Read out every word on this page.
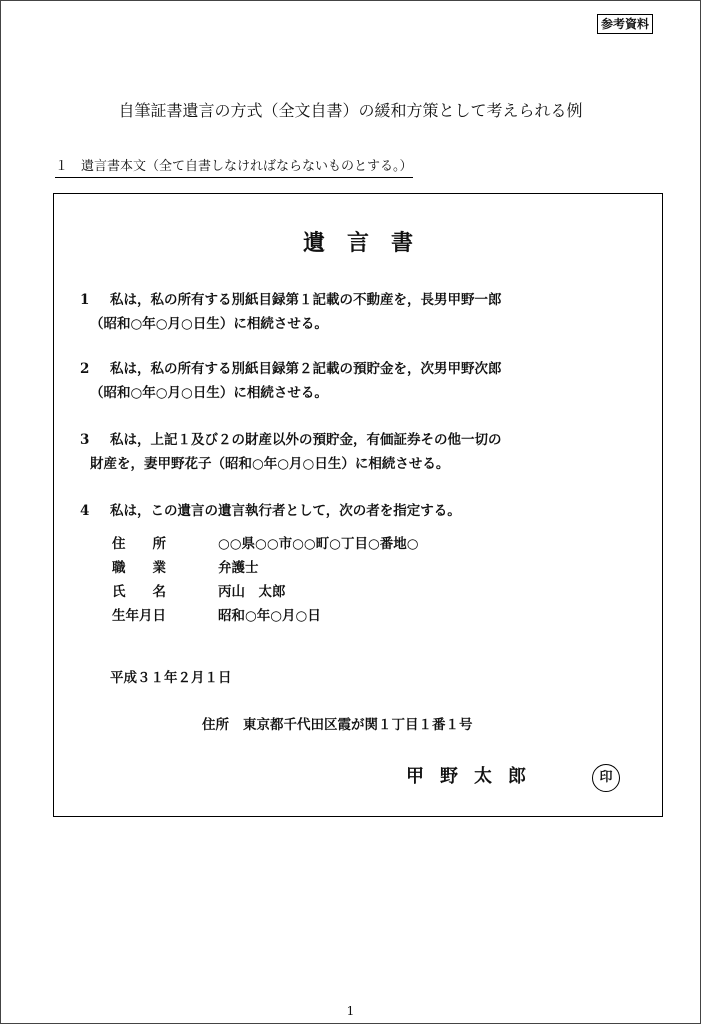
参考資料
自筆証書遺言の方式（全文自書）の緩和方策として考えられる例
１　遺言書本文（全て自書しなければならないものとする。）
遺言書
1 私は，私の所有する別紙目録第１記載の不動産を，長男甲野一郎
（昭和○年○月○日生）に相続させる。
2 私は，私の所有する別紙目録第２記載の預貯金を，次男甲野次郎
（昭和○年○月○日生）に相続させる。
3 私は，上記１及び２の財産以外の預貯金，有価証券その他一切の
財産を，妻甲野花子（昭和○年○月○日生）に相続させる。
4 私は，この遺言の遺言執行者として，次の者を指定する。
住　　所	○○県○○市○○町○丁目○番地○
職　　業	弁護士
氏　　名	丙山　太郎
生年月日	昭和○年○月○日
平成３１年２月１日
住所 東京都千代田区霞が関１丁目１番１号
甲野太郎	印
1
